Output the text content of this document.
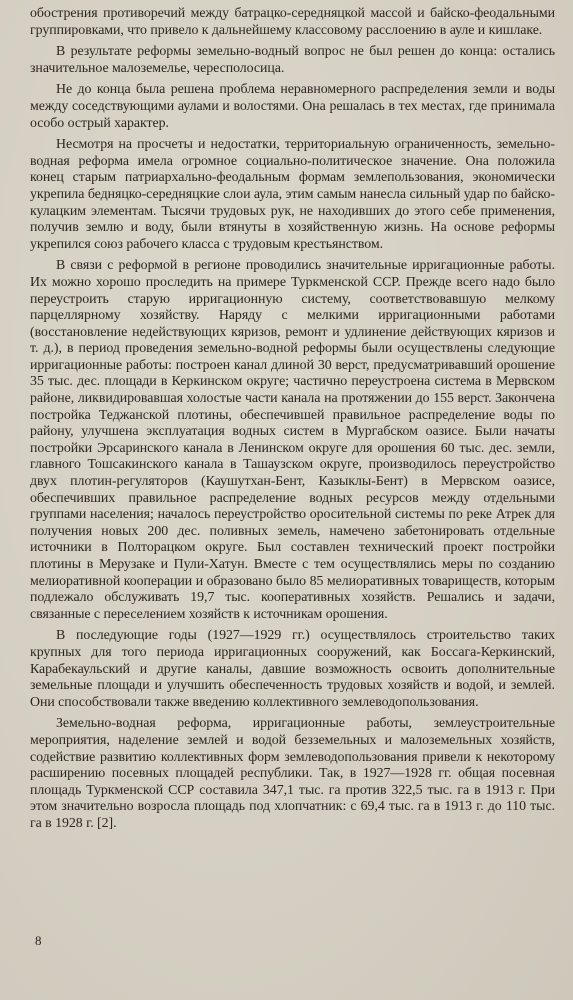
обострения противоречий между батрацко-середняцкой массой и байско-феодальными группировками, что привело к дальнейшему классовому расслоению в ауле и кишлаке.

В результате реформы земельно-водный вопрос не был решен до конца: остались значительное малоземелье, чересполосица.

Не до конца была решена проблема неравномерного распределения земли и воды между соседствующими аулами и волостями. Она решалась в тех местах, где принимала особо острый характер.

Несмотря на просчеты и недостатки, территориальную ограниченность, земельно-водная реформа имела огромное социально-политическое значение. Она положила конец старым патриархально-феодальным формам землепользования, экономически укрепила бедняцко-середняцкие слои аула, этим самым нанесла сильный удар по байско-кулацким элементам. Тысячи трудовых рук, не находивших до этого себе применения, получив землю и воду, были втянуты в хозяйственную жизнь. На основе реформы укрепился союз рабочего класса с трудовым крестьянством.

В связи с реформой в регионе проводились значительные ирригационные работы. Их можно хорошо проследить на примере Туркменской ССР. Прежде всего надо было переустроить старую ирригационную систему, соответствовавшую мелкому парцеллярному хозяйству. Наряду с мелкими ирригационными работами (восстановление недействующих кяризов, ремонт и удлинение действующих кяризов и т. д.), в период проведения земельно-водной реформы были осуществлены следующие ирригационные работы: построен канал длиной 30 верст, предусматривавший орошение 35 тыс. дес. площади в Керкинском округе; частично переустроена система в Мервском районе, ликвидировавшая холостые части канала на протяжении до 155 верст. Закончена постройка Теджанской плотины, обеспечившей правильное распределение воды по району, улучшена эксплуатация водных систем в Мургабском оазисе. Были начаты постройки Эрсаринского канала в Ленинском округе для орошения 60 тыс. дес. земли, главного Тошсакинского канала в Ташаузском округе, производилось переустройство двух плотин-регуляторов (Каушутхан-Бент, Казыклы-Бент) в Мервском оазисе, обеспечивших правильное распределение водных ресурсов между отдельными группами населения; началось переустройство оросительной системы по реке Атрек для получения новых 200 дес. поливных земель, намечено забетонировать отдельные источники в Полторацком округе. Был составлен технический проект постройки плотины в Мерузаке и Пули-Хатун. Вместе с тем осуществлялись меры по созданию мелиоративной кооперации и образовано было 85 мелиоративных товариществ, которым подлежало обслуживать 19,7 тыс. кооперативных хозяйств. Решались и задачи, связанные с переселением хозяйств к источникам орошения.

В последующие годы (1927—1929 гг.) осуществлялось строительство таких крупных для того периода ирригационных сооружений, как Боссага-Керкинский, Карабекаульский и другие каналы, давшие возможность освоить дополнительные земельные площади и улучшить обеспеченность трудовых хозяйств и водой, и землей. Они способствовали также введению коллективного землеводопользования.

Земельно-водная реформа, ирригационные работы, землеустроительные мероприятия, наделение землей и водой безземельных и малоземельных хозяйств, содействие развитию коллективных форм землеводопользования привели к некоторому расширению посевных площадей республики. Так, в 1927—1928 гг. общая посевная площадь Туркменской ССР составила 347,1 тыс. га против 322,5 тыс. га в 1913 г. При этом значительно возросла площадь под хлопчатник: с 69,4 тыс. га в 1913 г. до 110 тыс. га в 1928 г. [2].

8
